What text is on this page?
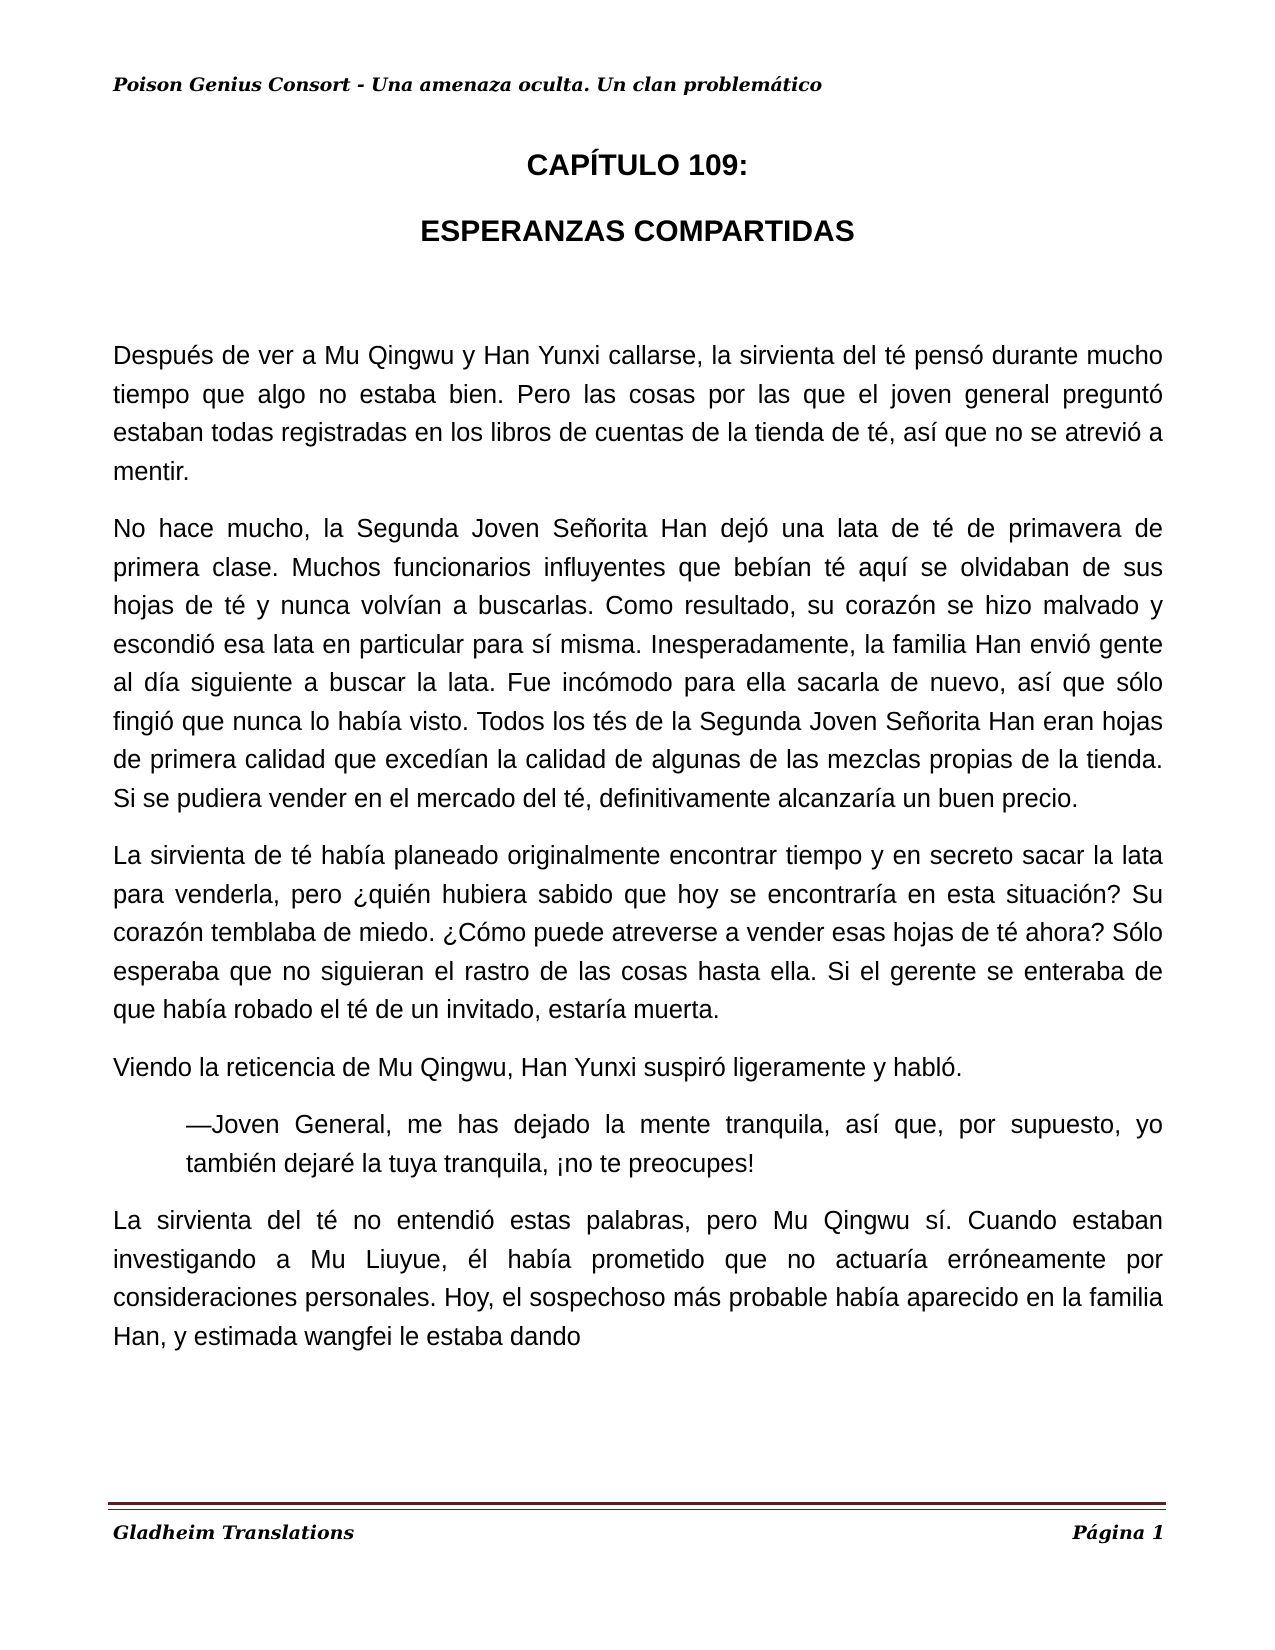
Poison Genius Consort - Una amenaza oculta. Un clan problemático
CAPÍTULO 109:
ESPERANZAS COMPARTIDAS

Después de ver a Mu Qingwu y Han Yunxi callarse, la sirvienta del té pensó durante mucho tiempo que algo no estaba bien. Pero las cosas por las que el joven general preguntó estaban todas registradas en los libros de cuentas de la tienda de té, así que no se atrevió a mentir.

No hace mucho, la Segunda Joven Señorita Han dejó una lata de té de primavera de primera clase. Muchos funcionarios influyentes que bebían té aquí se olvidaban de sus hojas de té y nunca volvían a buscarlas. Como resultado, su corazón se hizo malvado y escondió esa lata en particular para sí misma. Inesperadamente, la familia Han envió gente al día siguiente a buscar la lata. Fue incómodo para ella sacarla de nuevo, así que sólo fingió que nunca lo había visto. Todos los tés de la Segunda Joven Señorita Han eran hojas de primera calidad que excedían la calidad de algunas de las mezclas propias de la tienda. Si se pudiera vender en el mercado del té, definitivamente alcanzaría un buen precio.

La sirvienta de té había planeado originalmente encontrar tiempo y en secreto sacar la lata para venderla, pero ¿quién hubiera sabido que hoy se encontraría en esta situación? Su corazón temblaba de miedo. ¿Cómo puede atreverse a vender esas hojas de té ahora? Sólo esperaba que no siguieran el rastro de las cosas hasta ella. Si el gerente se enteraba de que había robado el té de un invitado, estaría muerta.

Viendo la reticencia de Mu Qingwu, Han Yunxi suspiró ligeramente y habló.

—Joven General, me has dejado la mente tranquila, así que, por supuesto, yo también dejaré la tuya tranquila, ¡no te preocupes!

La sirvienta del té no entendió estas palabras, pero Mu Qingwu sí. Cuando estaban investigando a Mu Liuyue, él había prometido que no actuaría erróneamente por consideraciones personales. Hoy, el sospechoso más probable había aparecido en la familia Han, y estimada wangfei le estaba dando

Gladheim Translations	Página 1
